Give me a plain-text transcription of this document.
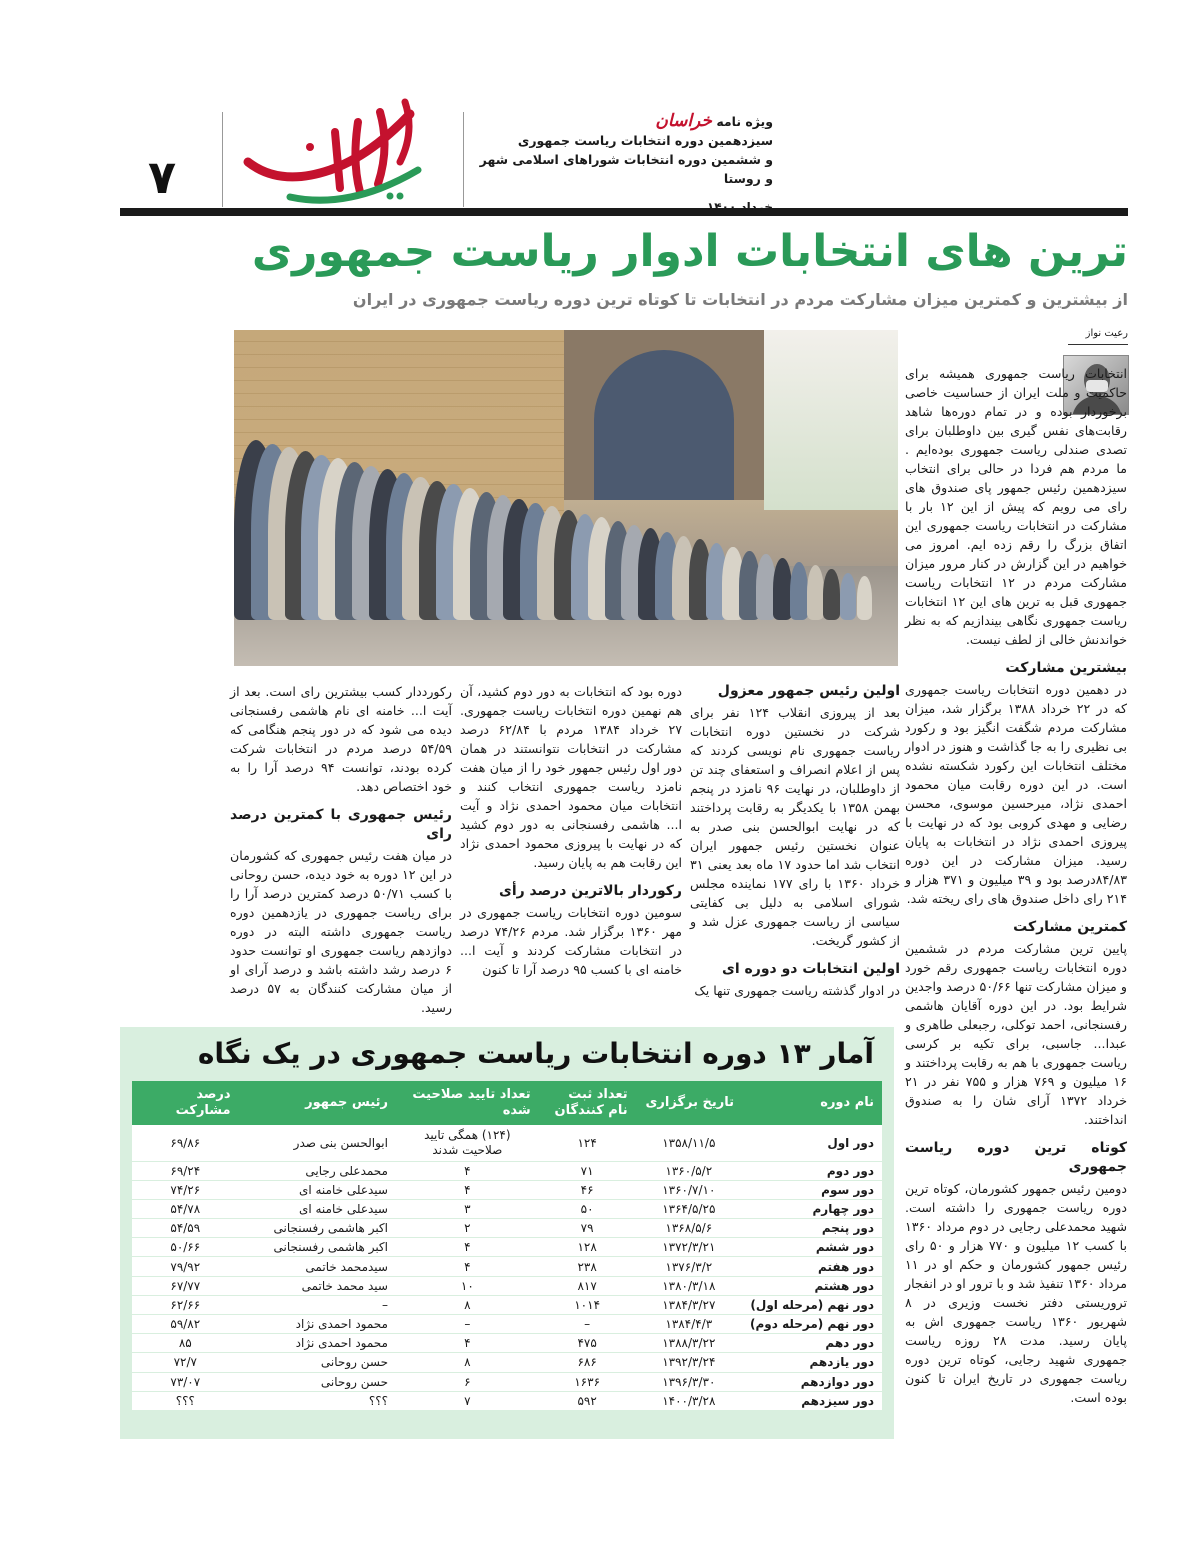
۷
ویژه نامه خراسان
سیزدهمین دوره انتخابات ریاست جمهوری
و ششمین دوره انتخابات شوراهای اسلامی شهر و روستا
خرداد ۱۴۰۰
ترین های انتخابات ادوار ریاست جمهوری
از بیشترین و کمترین میزان مشارکت مردم در انتخابات تا کوتاه ترین دوره ریاست جمهوری در ایران
رعیت نواز

انتخابات ریاست جمهوری همیشه برای حاکمیت و ملت ایران از حساسیت خاصی برخوردار بوده و در تمام دوره‌ها شاهد رقابت‌های نفس گیری بین داوطلبان برای تصدی صندلی ریاست جمهوری بوده‌ایم . ما مردم هم فردا در حالی برای انتخاب سیزدهمین رئیس جمهور پای صندوق های رای می رویم که پیش از این ۱۲ بار با مشارکت در انتخابات ریاست جمهوری این اتفاق بزرگ را رقم زده ایم. امروز می خواهیم در این گزارش در کنار مرور میزان مشارکت مردم در ۱۲ انتخابات ریاست جمهوری قبل به ترین های این ۱۲ انتخابات ریاست جمهوری نگاهی بیندازیم که به نظر خواندنش خالی از لطف نیست.

بیشترین مشارکت

در دهمین دوره انتخابات ریاست جمهوری که در ۲۲ خرداد ۱۳۸۸ برگزار شد، میزان مشارکت مردم شگفت انگیز بود و رکورد بی نظیری را به جا گذاشت و هنوز در ادوار مختلف انتخابات این رکورد شکسته نشده است. در این دوره رقابت میان محمود احمدی نژاد، میرحسین موسوی، محسن رضایی و مهدی کروبی بود که در نهایت با پیروزی احمدی نژاد در انتخابات به پایان رسید. میزان مشارکت در این دوره ۸۴/۸۳درصد بود و ۳۹ میلیون و ۳۷۱ هزار و ۲۱۴ رای داخل صندوق های رای ریخته شد.

کمترین مشارکت

پایین ترین مشارکت مردم در ششمین دوره انتخابات ریاست جمهوری رقم خورد و میزان مشارکت تنها ۵۰/۶۶ درصد واجدین شرایط بود. در این دوره آقایان هاشمی رفسنجانی، احمد توکلی، رجبعلی طاهری و عبدا... جاسبی، برای تکیه بر کرسی ریاست جمهوری با هم به رقابت پرداختند و ۱۶ میلیون و ۷۶۹ هزار و ۷۵۵ نفر در ۲۱ خرداد ۱۳۷۲ آرای شان را به صندوق انداختند.

کوتاه ترین دوره ریاست جمهوری

دومین رئیس جمهور کشورمان، کوتاه ترین دوره ریاست جمهوری را داشته است. شهید محمدعلی رجایی در دوم مرداد ۱۳۶۰ با کسب ۱۲ میلیون و ۷۷۰ هزار و ۵۰ رای رئیس جمهور کشورمان و حکم او در ۱۱ مرداد ۱۳۶۰ تنفیذ شد و با ترور او در انفجار تروریستی دفتر نخست وزیری در ۸ شهریور ۱۳۶۰ ریاست جمهوری اش به پایان رسید. مدت ۲۸ روزه ریاست جمهوری شهید رجایی، کوتاه ترین دوره ریاست جمهوری در تاریخ ایران تا کنون بوده است.

اولین رئیس جمهور معزول

بعد از پیروزی انقلاب ۱۲۴ نفر برای شرکت در نخستین دوره انتخابات ریاست جمهوری نام نویسی کردند که پس از اعلام انصراف و استعفای چند تن از داوطلبان، در نهایت ۹۶ نامزد در پنجم بهمن ۱۳۵۸ با یکدیگر به رقابت پرداختند که در نهایت ابوالحسن بنی صدر به عنوان نخستین رئیس جمهور ایران انتخاب شد اما حدود ۱۷ ماه بعد یعنی ۳۱ خرداد ۱۳۶۰ با رای ۱۷۷ نماینده مجلس شورای اسلامی به دلیل بی کفایتی سیاسی از ریاست جمهوری عزل شد و از کشور گریخت.

اولین انتخابات دو دوره ای

در ادوار گذشته ریاست جمهوری تنها یک

دوره بود که انتخابات به دور دوم کشید، آن هم نهمین دوره انتخابات ریاست جمهوری. ۲۷ خرداد ۱۳۸۴ مردم با ۶۲/۸۴ درصد مشارکت در انتخابات نتوانستند در همان دور اول رئیس جمهور خود را از میان هفت نامزد ریاست جمهوری انتخاب کنند و انتخابات میان محمود احمدی نژاد و آیت ا... هاشمی رفسنجانی به دور دوم کشید که در نهایت با پیروزی محمود احمدی نژاد این رقابت هم به پایان رسید.

رکوردار بالاترین درصد رأی

سومین دوره انتخابات ریاست جمهوری در مهر ۱۳۶۰ برگزار شد. مردم ۷۴/۲۶ درصد در انتخابات مشارکت کردند و آیت ا... خامنه ای با کسب ۹۵ درصد آرا تا کنون

رکورددار کسب بیشترین رای است. بعد از آیت ا... خامنه ای نام هاشمی رفسنجانی دیده می شود که در دور پنجم هنگامی که ۵۴/۵۹ درصد مردم در انتخابات شرکت کرده بودند، توانست ۹۴ درصد آرا را به خود اختصاص دهد.

رئیس جمهوری با کمترین درصد رای

در میان هفت رئیس جمهوری که کشورمان در این ۱۲ دوره به خود دیده، حسن روحانی با کسب ۵۰/۷۱ درصد کمترین درصد آرا را برای ریاست جمهوری در یازدهمین دوره ریاست جمهوری داشته البته در دوره دوازدهم ریاست جمهوری او توانست حدود ۶ درصد رشد داشته باشد و درصد آرای او از میان مشارکت کنندگان به ۵۷ درصد رسید.

آمار ۱۳ دوره انتخابات ریاست جمهوری در یک نگاه
نام دوره	تاریخ برگزاری	تعداد ثبت نام کنندگان	تعداد تایید صلاحیت شده	رئیس جمهور	درصد مشارکت
دور اول	۱۳۵۸/۱۱/۵	۱۲۴	(۱۲۴) همگی تایید صلاحیت شدند	ابوالحسن بنی صدر	۶۹/۸۶
دور دوم	۱۳۶۰/۵/۲	۷۱	۴	محمدعلی رجایی	۶۹/۲۴
دور سوم	۱۳۶۰/۷/۱۰	۴۶	۴	سیدعلی خامنه ای	۷۴/۲۶
دور چهارم	۱۳۶۴/۵/۲۵	۵۰	۳	سیدعلی خامنه ای	۵۴/۷۸
دور پنجم	۱۳۶۸/۵/۶	۷۹	۲	اکبر هاشمی رفسنجانی	۵۴/۵۹
دور ششم	۱۳۷۲/۳/۲۱	۱۲۸	۴	اکبر هاشمی رفسنجانی	۵۰/۶۶
دور هفتم	۱۳۷۶/۳/۲	۲۳۸	۴	سیدمحمد خاتمی	۷۹/۹۲
دور هشتم	۱۳۸۰/۳/۱۸	۸۱۷	۱۰	سید محمد خاتمی	۶۷/۷۷
دور نهم (مرحله اول)	۱۳۸۴/۳/۲۷	۱۰۱۴	۸	–	۶۲/۶۶
دور نهم (مرحله دوم)	۱۳۸۴/۴/۳	–	–	محمود احمدی نژاد	۵۹/۸۲
دور دهم	۱۳۸۸/۳/۲۲	۴۷۵	۴	محمود احمدی نژاد	۸۵
دور یازدهم	۱۳۹۲/۳/۲۴	۶۸۶	۸	حسن روحانی	۷۲/۷
دور دوازدهم	۱۳۹۶/۳/۳۰	۱۶۳۶	۶	حسن روحانی	۷۳/۰۷
دور سیزدهم	۱۴۰۰/۳/۲۸	۵۹۲	۷	؟؟؟	؟؟؟
